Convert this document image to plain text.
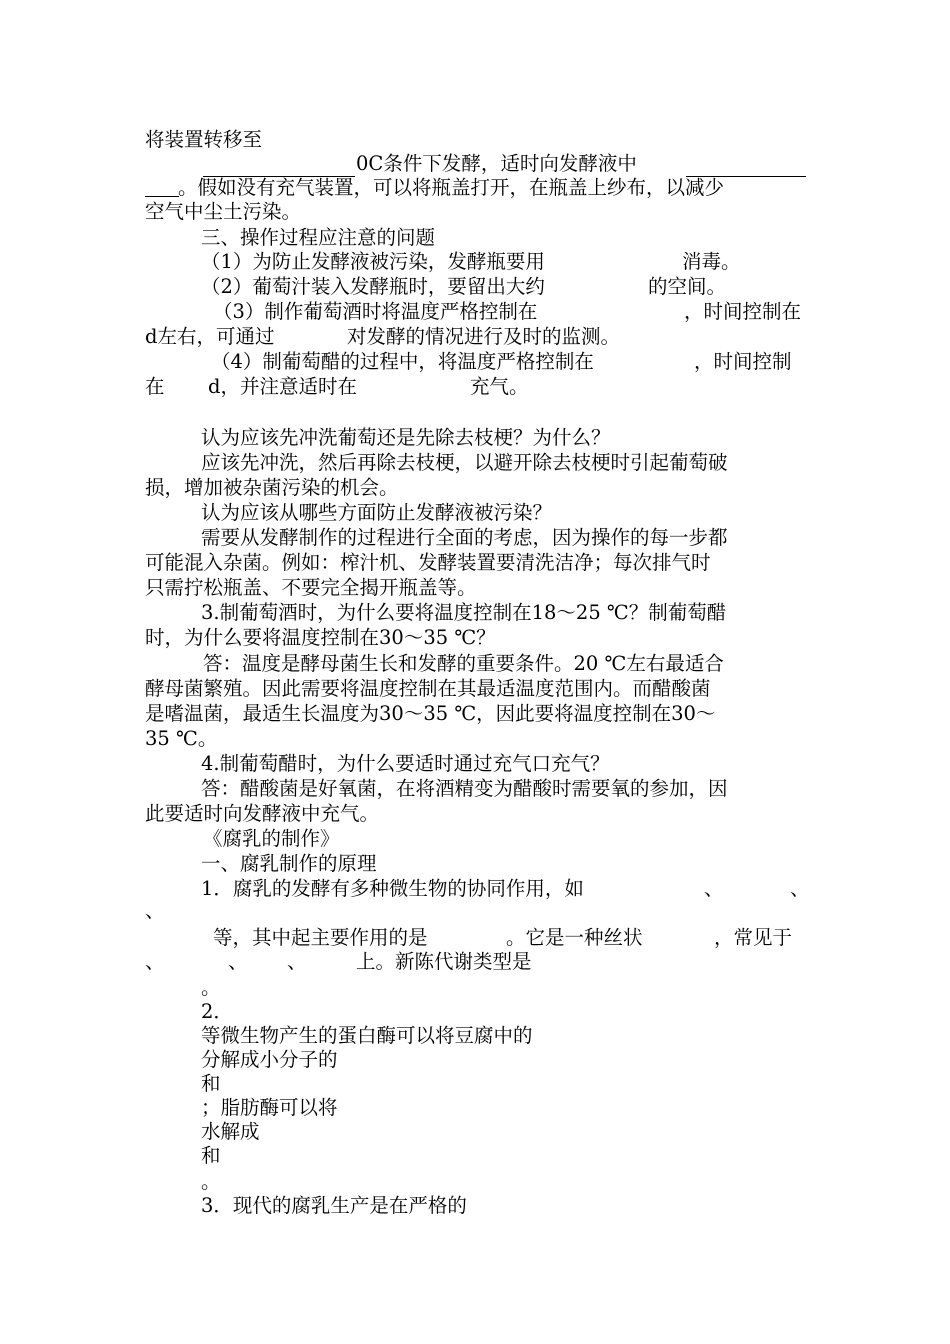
将装置转移至

0C条件下发酵，适时向发酵液中

。假如没有充气装置，可以将瓶盖打开，在瓶盖上纱布，以减少

空气中尘土污染。

三、操作过程应注意的问题

（1）为防止发酵液被污染，发酵瓶要用	消毒。

（2）葡萄汁装入发酵瓶时，要留出大约	的空间。

（3）制作葡萄酒时将温度严格控制在	，时间控制在

d左右，可通过	对发酵的情况进行及时的监测。

（4）制葡萄醋的过程中，将温度严格控制在	，时间控制

在 d，并注意适时在	充气。

认为应该先冲洗葡萄还是先除去枝梗？为什么？

应该先冲洗，然后再除去枝梗，以避开除去枝梗时引起葡萄破

损，增加被杂菌污染的机会。

认为应该从哪些方面防止发酵液被污染？

需要从发酵制作的过程进行全面的考虑，因为操作的每一步都

可能混入杂菌。例如：榨汁机、发酵装置要清洗洁净；每次排气时

只需拧松瓶盖、不要完全揭开瓶盖等。

3.制葡萄酒时，为什么要将温度控制在18～25 ℃？制葡萄醋

时，为什么要将温度控制在30～35 ℃？

答：温度是酵母菌生长和发酵的重要条件。20 ℃左右最适合

酵母菌繁殖。因此需要将温度控制在其最适温度范围内。而醋酸菌

是嗜温菌，最适生长温度为30～35 ℃，因此要将温度控制在30～

35 ℃。

4.制葡萄醋时，为什么要适时通过充气口充气？

答：醋酸菌是好氧菌，在将酒精变为醋酸时需要氧的参加，因

此要适时向发酵液中充气。

《腐乳的制作》

一、腐乳制作的原理

1．腐乳的发酵有多种微生物的协同作用，如	、	、

、

等，其中起主要作用的是	。它是一种丝状	，常见于

、	、 、	上。新陈代谢类型是

。

2．

等微生物产生的蛋白酶可以将豆腐中的

分解成小分子的

和

；脂肪酶可以将

水解成

和

。

3．现代的腐乳生产是在严格的
